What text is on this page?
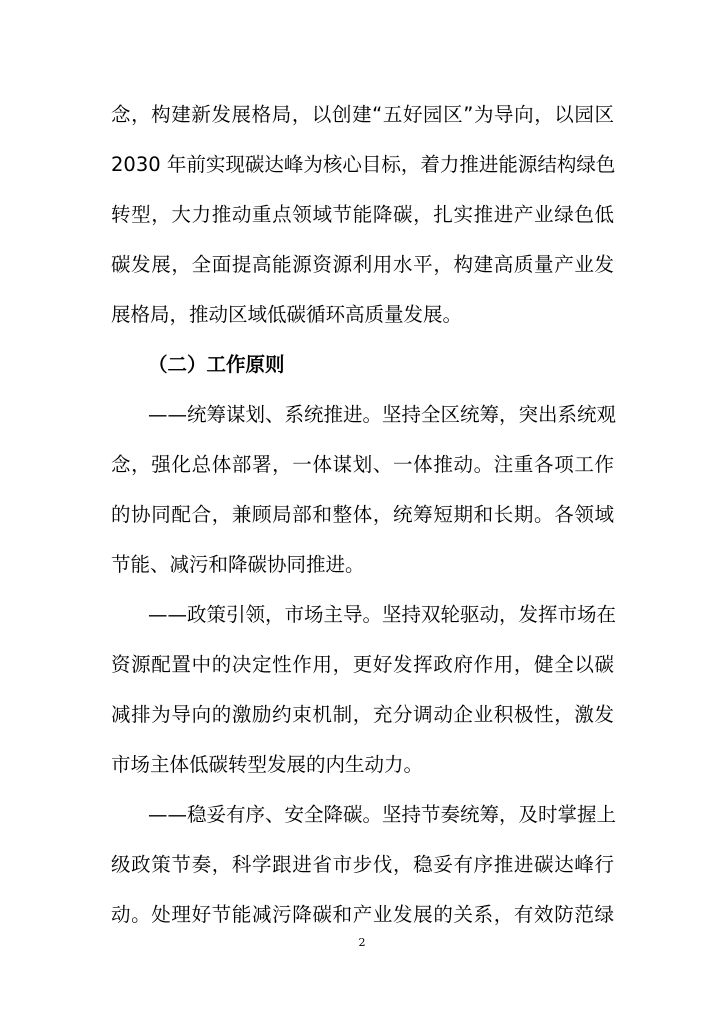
念，构建新发展格局，以创建“五好园区”为导向，以园区
2030 年前实现碳达峰为核心目标，着力推进能源结构绿色
转型，大力推动重点领域节能降碳，扎实推进产业绿色低
碳发展，全面提高能源资源利用水平，构建高质量产业发
展格局，推动区域低碳循环高质量发展。
（二）工作原则
——统筹谋划、系统推进。坚持全区统筹，突出系统观
念，强化总体部署，一体谋划、一体推动。注重各项工作
的协同配合，兼顾局部和整体，统筹短期和长期。各领域
节能、减污和降碳协同推进。
——政策引领，市场主导。坚持双轮驱动，发挥市场在
资源配置中的决定性作用，更好发挥政府作用，健全以碳
减排为导向的激励约束机制，充分调动企业积极性，激发
市场主体低碳转型发展的内生动力。
——稳妥有序、安全降碳。坚持节奏统筹，及时掌握上
级政策节奏，科学跟进省市步伐，稳妥有序推进碳达峰行
动。处理好节能减污降碳和产业发展的关系，有效防范绿
2
